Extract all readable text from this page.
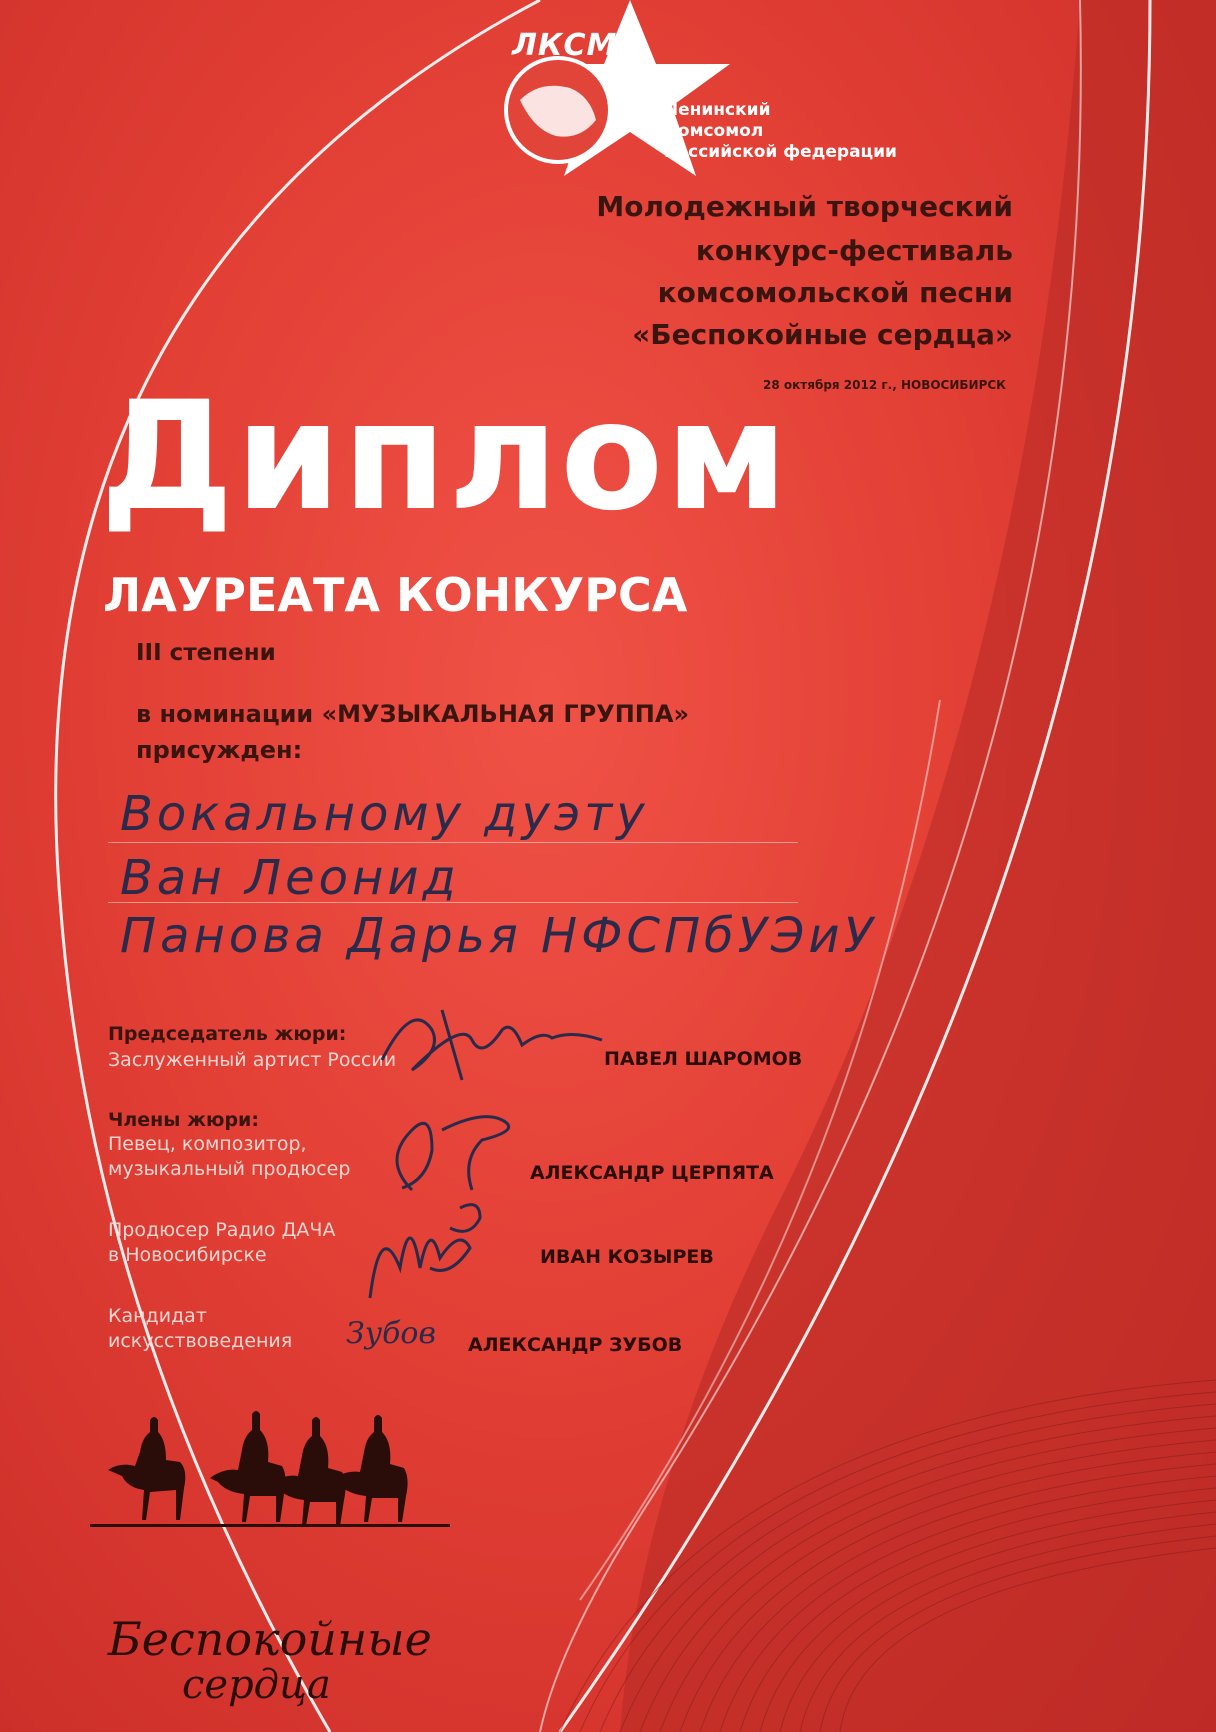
ЛКСМ
Ленинский
Комсомол
Российской федерации
Молодежный творческий
конкурс-фестиваль
комсомольской песни
«Беспокойные сердца»
28 октября 2012 г., НОВОСИБИРСК
Диплом
ЛАУРЕАТА КОНКУРСА
III степени
в номинации «МУЗЫКАЛЬНАЯ ГРУППА»
присужден:
Вокальному дуэту
Ван Леонид
Панова Дарья НФСПбУЭиУ
Председатель жюри:
Заслуженный артист России	ПАВЕЛ ШАРОМОВ
Члены жюри:
Певец, композитор,
музыкальный продюсер	АЛЕКСАНДР ЦЕРПЯТА
Продюсер Радио ДАЧА
в Новосибирске	ИВАН КОЗЫРЕВ
Кандидат
искусствоведения	АЛЕКСАНДР ЗУБОВ
Зубов
Беспокойные
сердца
